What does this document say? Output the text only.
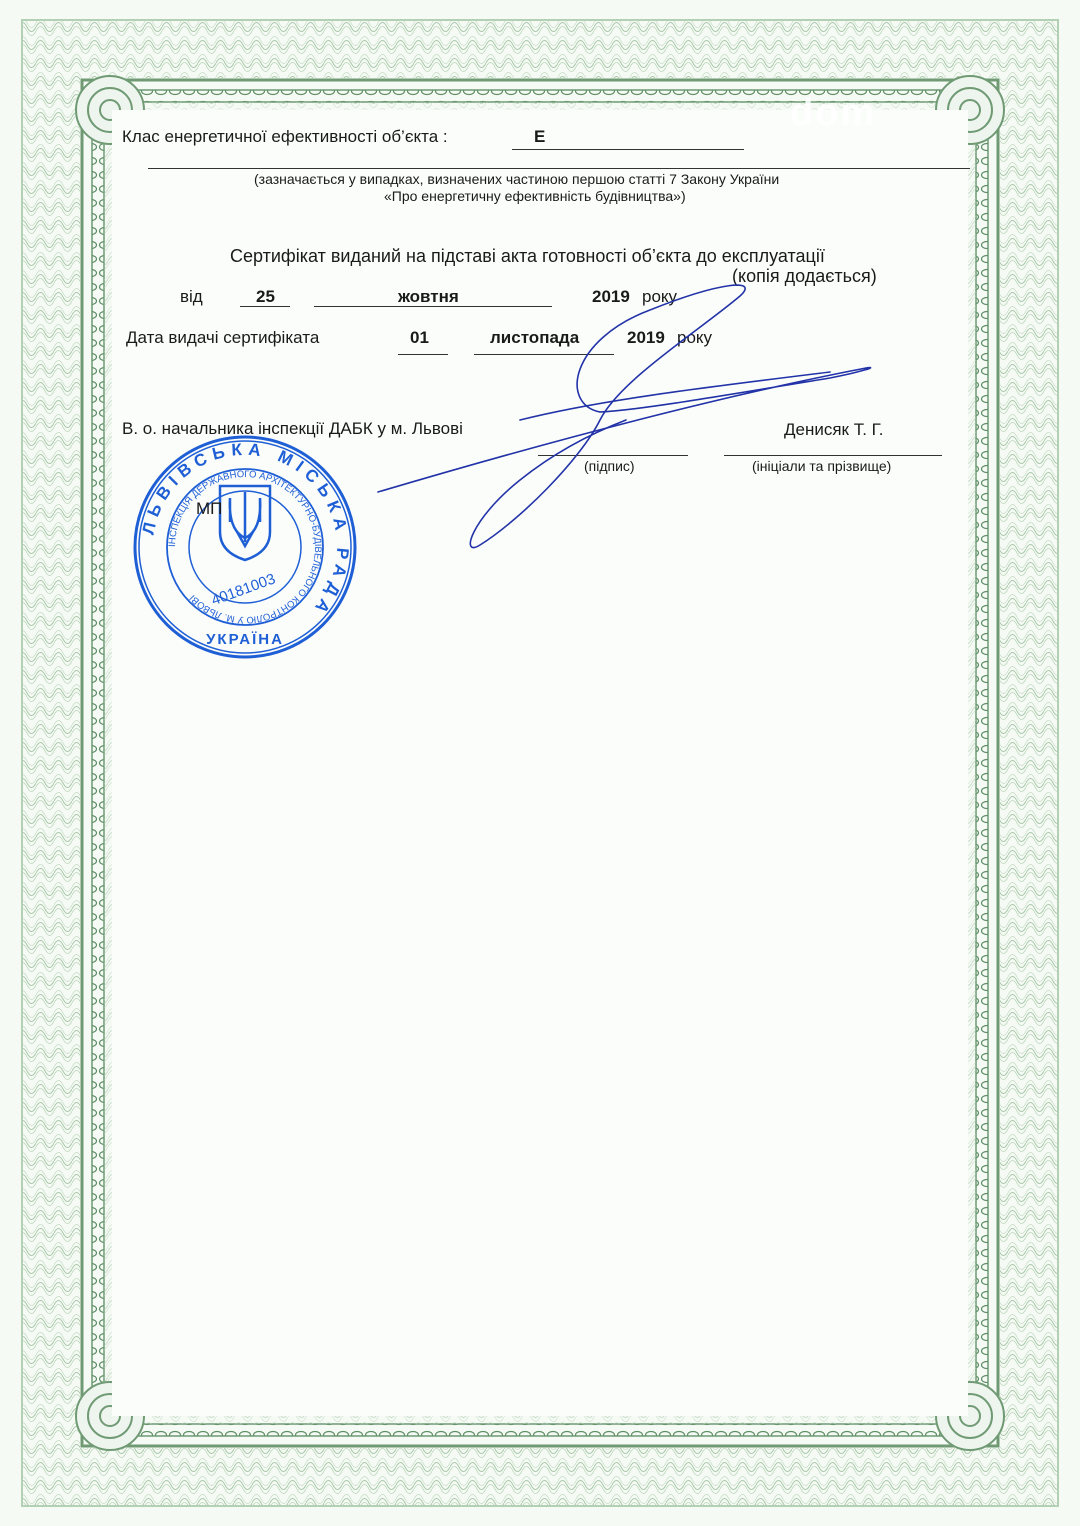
dom
Клас енергетичної ефективності об’єкта :	Е
(зазначається у випадках, визначених частиною першою статті 7 Закону України
«Про енергетичну ефективність будівництва»)
Сертифікат виданий на підставі акта готовності об’єкта до експлуатації
(копія додається)
від	25	жовтня	2019 року
Дата видачі сертифіката	01	листопада	2019 року
В. о. начальника інспекції ДАБК у м. Львові	Денисяк Т. Г.
(підпис)	(ініціали та прізвище)
ЛЬВІВСЬКА МІСЬКА РАДА
ІНСПЕКЦІЯ ДЕРЖАВНОГО АРХІТЕКТУРНО-БУДІВЕЛЬНОГО КОНТРОЛЮ У М. ЛЬВОВІ
УКРАЇНА
40181003
МП
